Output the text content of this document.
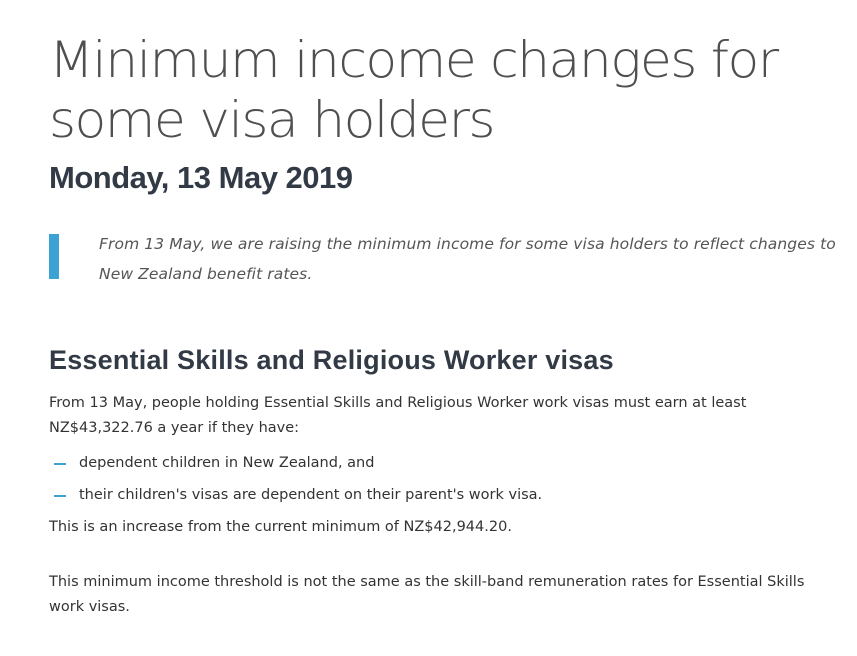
Minimum income changes for some visa holders
Monday, 13 May 2019

From 13 May, we are raising the minimum income for some visa holders to reflect changes to New Zealand benefit rates.

Essential Skills and Religious Worker visas

From 13 May, people holding Essential Skills and Religious Worker work visas must earn at least NZ$43,322.76 a year if they have:

dependent children in New Zealand, and
their children's visas are dependent on their parent's work visa.

This is an increase from the current minimum of NZ$42,944.20.

This minimum income threshold is not the same as the skill-band remuneration rates for Essential Skills work visas.
